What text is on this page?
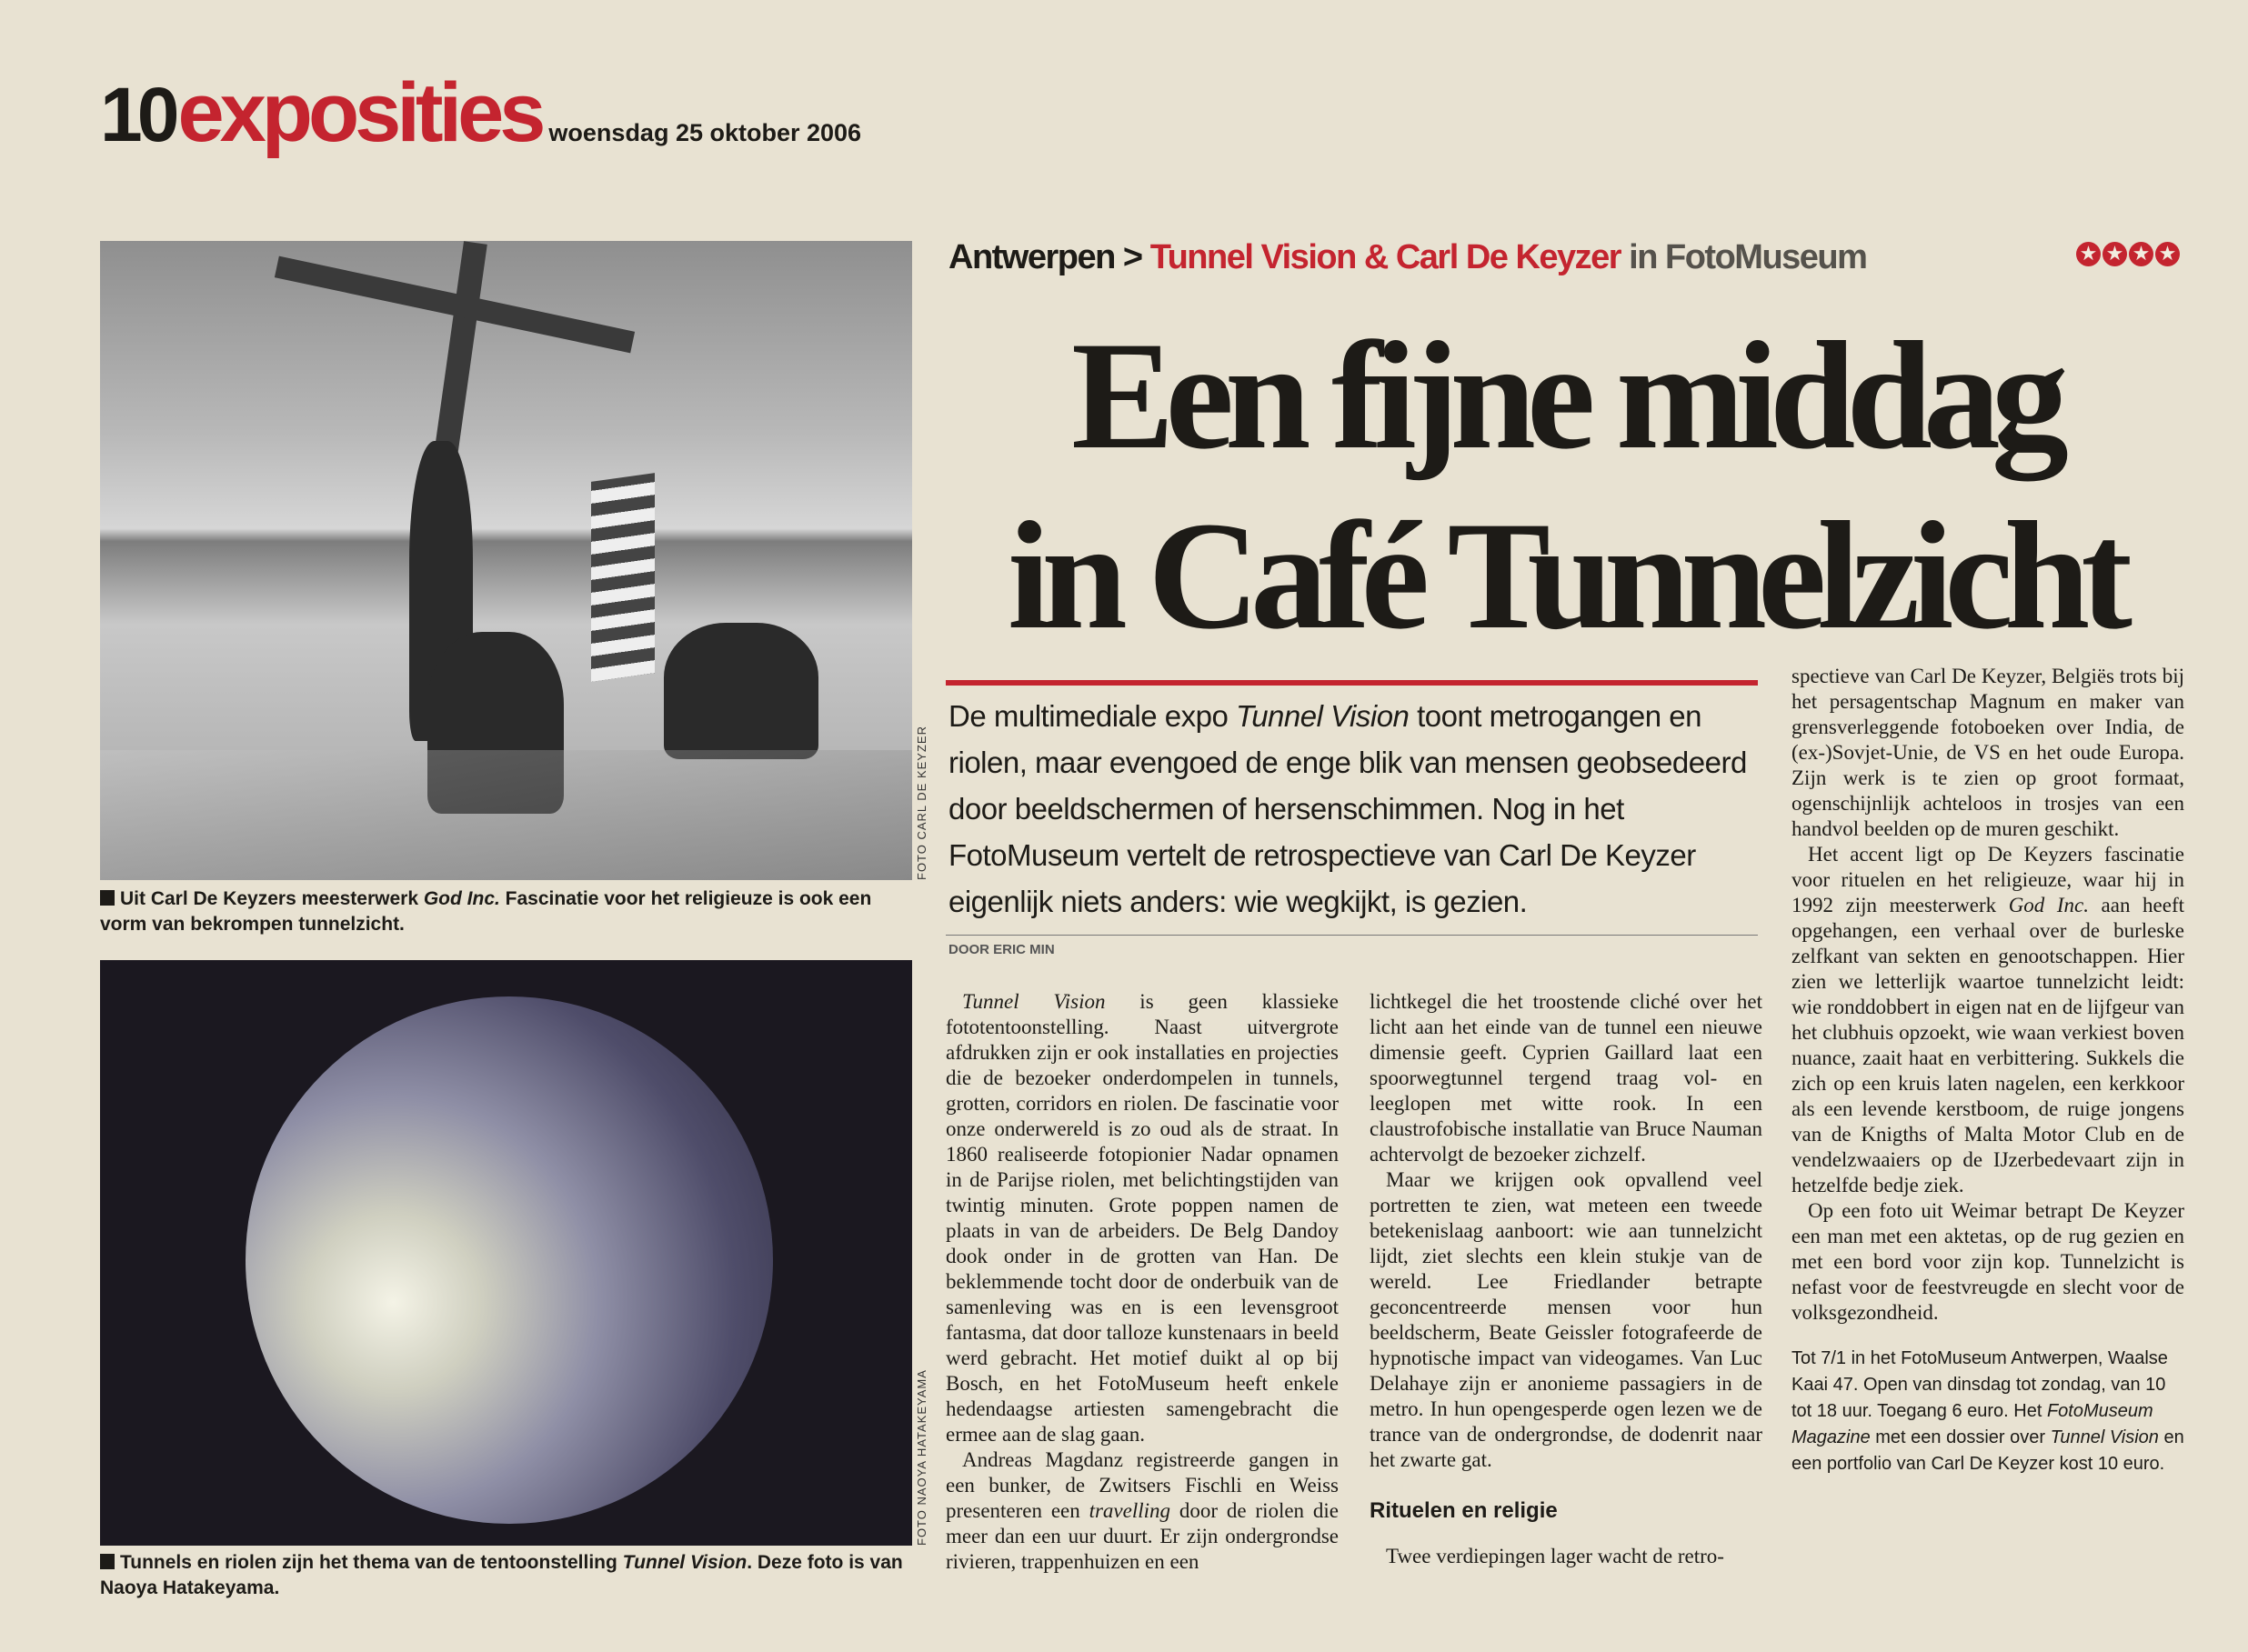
10exposities woensdag 25 oktober 2006
FOTO CARL DE KEYZER
Uit Carl De Keyzers meesterwerk God Inc. Fascinatie voor het religieuze is ook een vorm van bekrompen tunnelzicht.
FOTO NAOYA HATAKEYAMA
Tunnels en riolen zijn het thema van de tentoonstelling Tunnel Vision. Deze foto is van Naoya Hatakeyama.
Antwerpen > Tunnel Vision & Carl De Keyzer in FotoMuseum	★ ★ ★ ★
Een fijne middag
in Café Tunnelzicht
De multimediale expo Tunnel Vision toont metrogangen en riolen, maar evengoed de enge blik van mensen geobsedeerd door beeldschermen of hersenschimmen. Nog in het FotoMuseum vertelt de retrospectieve van Carl De Keyzer eigenlijk niets anders: wie wegkijkt, is gezien.
DOOR ERIC MIN

Tunnel Vision is geen klassieke fototentoonstelling. Naast uitvergrote afdrukken zijn er ook installaties en projecties die de bezoeker onderdompelen in tunnels, grotten, corridors en riolen. De fascinatie voor onze onderwereld is zo oud als de straat. In 1860 realiseerde fotopionier Nadar opnamen in de Parijse riolen, met belichtingstijden van twintig minuten. Grote poppen namen de plaats in van de arbeiders. De Belg Dandoy dook onder in de grotten van Han. De beklemmende tocht door de onderbuik van de samenleving was en is een levensgroot fantasma, dat door talloze kunstenaars in beeld werd gebracht. Het motief duikt al op bij Bosch, en het FotoMuseum heeft enkele hedendaagse artiesten samengebracht die ermee aan de slag gaan.

Andreas Magdanz registreerde gangen in een bunker, de Zwitsers Fischli en Weiss presenteren een travelling door de riolen die meer dan een uur duurt. Er zijn ondergrondse rivieren, trappenhuizen en een

lichtkegel die het troostende cliché over het licht aan het einde van de tunnel een nieuwe dimensie geeft. Cyprien Gaillard laat een spoorwegtunnel tergend traag vol- en leeglopen met witte rook. In een claustrofobische installatie van Bruce Nauman achtervolgt de bezoeker zichzelf.

Maar we krijgen ook opvallend veel portretten te zien, wat meteen een tweede betekenislaag aanboort: wie aan tunnelzicht lijdt, ziet slechts een klein stukje van de wereld. Lee Friedlander betrapte geconcentreerde mensen voor hun beeldscherm, Beate Geissler fotografeerde de hypnotische impact van videogames. Van Luc Delahaye zijn er anonieme passagiers in de metro. In hun opengesperde ogen lezen we de trance van de ondergrondse, de dodenrit naar het zwarte gat.

Rituelen en religie

Twee verdiepingen lager wacht de retro-

spectieve van Carl De Keyzer, Belgiës trots bij het persagentschap Magnum en maker van grensverleggende fotoboeken over India, de (ex-)Sovjet-Unie, de VS en het oude Europa. Zijn werk is te zien op groot formaat, ogenschijnlijk achteloos in trosjes van een handvol beelden op de muren geschikt.

Het accent ligt op De Keyzers fascinatie voor rituelen en het religieuze, waar hij in 1992 zijn meesterwerk God Inc. aan heeft opgehangen, een verhaal over de burleske zelfkant van sekten en genootschappen. Hier zien we letterlijk waartoe tunnelzicht leidt: wie ronddobbert in eigen nat en de lijfgeur van het clubhuis opzoekt, wie waan verkiest boven nuance, zaait haat en verbittering. Sukkels die zich op een kruis laten nagelen, een kerkkoor als een levende kerstboom, de ruige jongens van de Knigths of Malta Motor Club en de vendelzwaaiers op de IJzerbedevaart zijn in hetzelfde bedje ziek.

Op een foto uit Weimar betrapt De Keyzer een man met een aktetas, op de rug gezien en met een bord voor zijn kop. Tunnelzicht is nefast voor de feestvreugde en slecht voor de volksgezondheid.

Tot 7/1 in het FotoMuseum Antwerpen, Waalse Kaai 47. Open van dinsdag tot zondag, van 10 tot 18 uur. Toegang 6 euro. Het FotoMuseum Magazine met een dossier over Tunnel Vision en een portfolio van Carl De Keyzer kost 10 euro.
